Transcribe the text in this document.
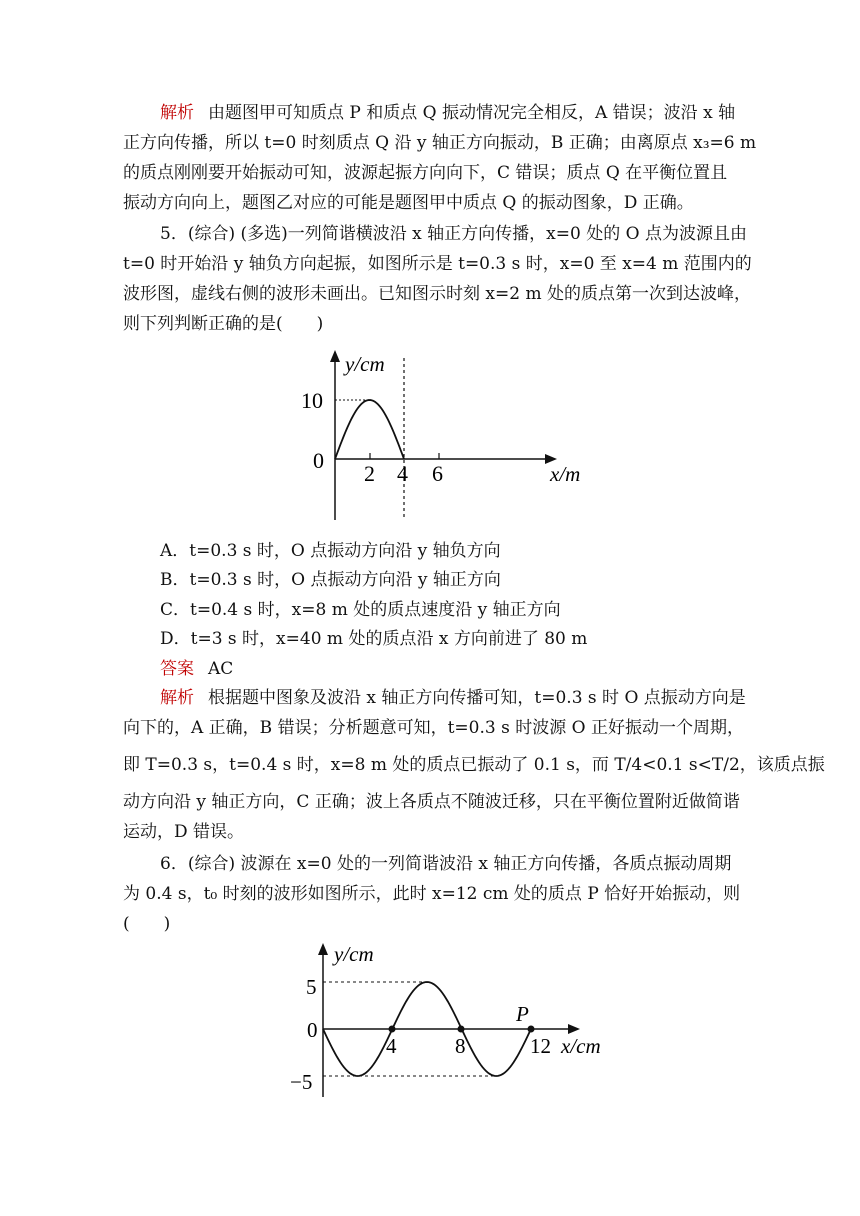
解析 由题图甲可知质点 P 和质点 Q 振动情况完全相反，A 错误；波沿 x 轴

正方向传播，所以 t=0 时刻质点 Q 沿 y 轴正方向振动，B 正确；由离原点 x₃=6 m

的质点刚刚要开始振动可知，波源起振方向向下，C 错误；质点 Q 在平衡位置且

振动方向向上，题图乙对应的可能是题图甲中质点 Q 的振动图象，D 正确。

5．(综合) (多选)一列简谐横波沿 x 轴正方向传播，x=0 处的 O 点为波源且由

t=0 时开始沿 y 轴负方向起振，如图所示是 t=0.3 s 时，x=0 至 x=4 m 范围内的

波形图，虚线右侧的波形未画出。已知图示时刻 x=2 m 处的质点第一次到达波峰，

则下列判断正确的是(　　)

y/cm
10
0
2 4 6	x/m
A．t=0.3 s 时，O 点振动方向沿 y 轴负方向
B．t=0.3 s 时，O 点振动方向沿 y 轴正方向
C．t=0.4 s 时，x=8 m 处的质点速度沿 y 轴正方向
D．t=3 s 时，x=40 m 处的质点沿 x 方向前进了 80 m
答案 AC

解析 根据题中图象及波沿 x 轴正方向传播可知，t=0.3 s 时 O 点振动方向是

向下的，A 正确，B 错误；分析题意可知，t=0.3 s 时波源 O 正好振动一个周期，

即 T=0.3 s，t=0.4 s 时，x=8 m 处的质点已振动了 0.1 s，而 T/4<0.1 s<T/2，该质点振

动方向沿 y 轴正方向，C 正确；波上各质点不随波迁移，只在平衡位置附近做简谐

运动，D 错误。

6．(综合) 波源在 x=0 处的一列简谐波沿 x 轴正方向传播，各质点振动周期

为 0.4 s，t₀ 时刻的波形如图所示，此时 x=12 cm 处的质点 P 恰好开始振动，则

(　　)

y/cm
5
−5
0
4	8	12 x/cm
P
